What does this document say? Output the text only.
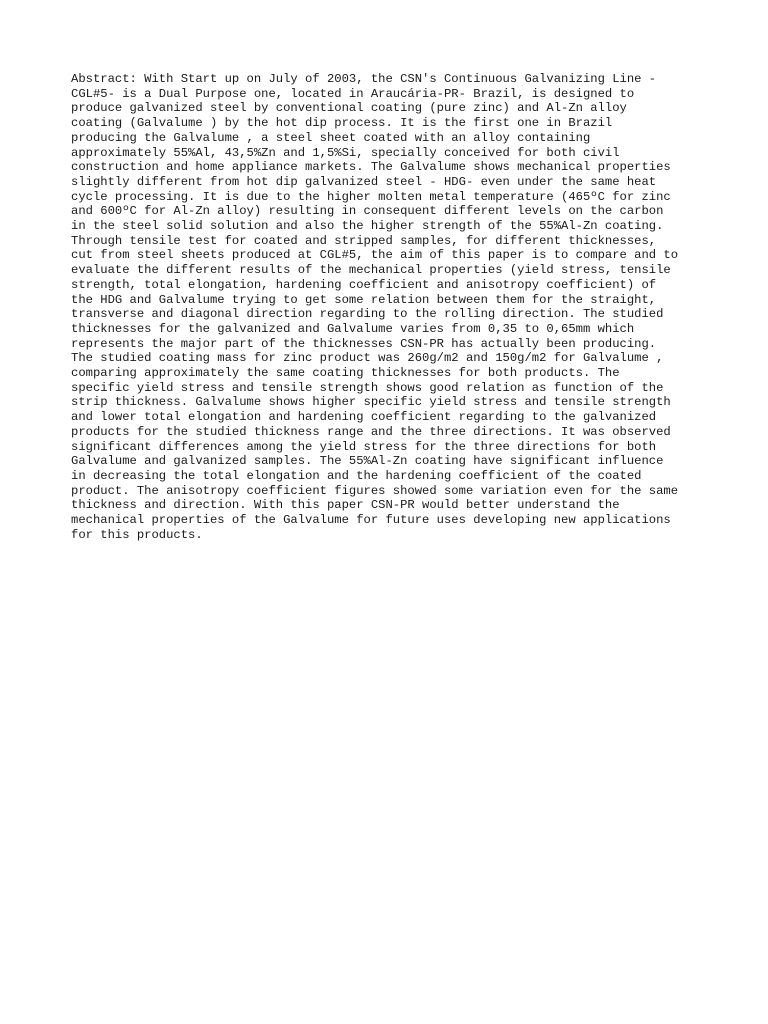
Abstract: With Start up on July of 2003, the CSN's Continuous Galvanizing Line -
CGL#5- is a Dual Purpose one, located in Araucária-PR- Brazil, is designed to
produce galvanized steel by conventional coating (pure zinc) and Al-Zn alloy
coating (Galvalume ) by the hot dip process. It is the first one in Brazil
producing the Galvalume , a steel sheet coated with an alloy containing
approximately 55%Al, 43,5%Zn and 1,5%Si, specially conceived for both civil
construction and home appliance markets. The Galvalume shows mechanical properties
slightly different from hot dip galvanized steel - HDG- even under the same heat
cycle processing. It is due to the higher molten metal temperature (465ºC for zinc
and 600ºC for Al-Zn alloy) resulting in consequent different levels on the carbon
in the steel solid solution and also the higher strength of the 55%Al-Zn coating.
Through tensile test for coated and stripped samples, for different thicknesses,
cut from steel sheets produced at CGL#5, the aim of this paper is to compare and to
evaluate the different results of the mechanical properties (yield stress, tensile
strength, total elongation, hardening coefficient and anisotropy coefficient) of
the HDG and Galvalume trying to get some relation between them for the straight,
transverse and diagonal direction regarding to the rolling direction. The studied
thicknesses for the galvanized and Galvalume varies from 0,35 to 0,65mm which
represents the major part of the thicknesses CSN-PR has actually been producing.
The studied coating mass for zinc product was 260g/m2 and 150g/m2 for Galvalume ,
comparing approximately the same coating thicknesses for both products. The
specific yield stress and tensile strength shows good relation as function of the
strip thickness. Galvalume shows higher specific yield stress and tensile strength
and lower total elongation and hardening coefficient regarding to the galvanized
products for the studied thickness range and the three directions. It was observed
significant differences among the yield stress for the three directions for both
Galvalume and galvanized samples. The 55%Al-Zn coating have significant influence
in decreasing the total elongation and the hardening coefficient of the coated
product. The anisotropy coefficient figures showed some variation even for the same
thickness and direction. With this paper CSN-PR would better understand the
mechanical properties of the Galvalume for future uses developing new applications
for this products.
